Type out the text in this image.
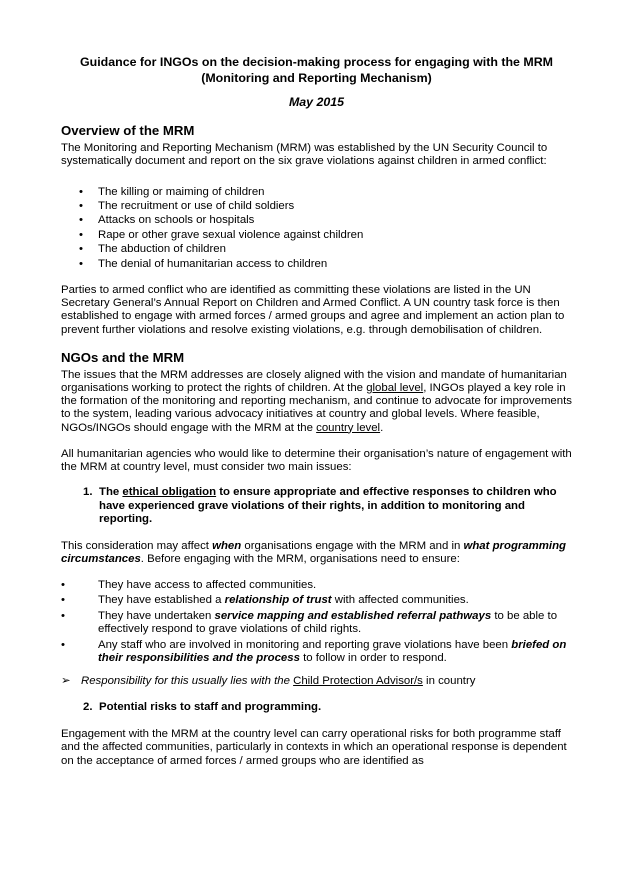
Guidance for INGOs on the decision-making process for engaging with the MRM
(Monitoring and Reporting Mechanism)

May 2015

Overview of the MRM

The Monitoring and Reporting Mechanism (MRM) was established by the UN Security Council to systematically document and report on the six grave violations against children in armed conflict:

• The killing or maiming of children
• The recruitment or use of child soldiers
• Attacks on schools or hospitals
• Rape or other grave sexual violence against children
• The abduction of children
• The denial of humanitarian access to children

Parties to armed conflict who are identified as committing these violations are listed in the UN Secretary General’s Annual Report on Children and Armed Conflict. A UN country task force is then established to engage with armed forces / armed groups and agree and implement an action plan to prevent further violations and resolve existing violations, e.g. through demobilisation of children.

NGOs and the MRM

The issues that the MRM addresses are closely aligned with the vision and mandate of humanitarian organisations working to protect the rights of children. At the global level, INGOs played a key role in the formation of the monitoring and reporting mechanism, and continue to advocate for improvements to the system, leading various advocacy initiatives at country and global levels. Where feasible, NGOs/INGOs should engage with the MRM at the country level.

All humanitarian agencies who would like to determine their organisation’s nature of engagement with the MRM at country level, must consider two main issues:

1. The ethical obligation to ensure appropriate and effective responses to children who have experienced grave violations of their rights, in addition to monitoring and reporting.

This consideration may affect when organisations engage with the MRM and in what programming circumstances. Before engaging with the MRM, organisations need to ensure:

• They have access to affected communities.
• They have established a relationship of trust with affected communities.
• They have undertaken service mapping and established referral pathways to be able to effectively respond to grave violations of child rights.
• Any staff who are involved in monitoring and reporting grave violations have been briefed on their responsibilities and the process to follow in order to respond.
➢ Responsibility for this usually lies with the Child Protection Advisor/s in country
2. Potential risks to staff and programming.

Engagement with the MRM at the country level can carry operational risks for both programme staff and the affected communities, particularly in contexts in which an operational response is dependent on the acceptance of armed forces / armed groups who are identified as
